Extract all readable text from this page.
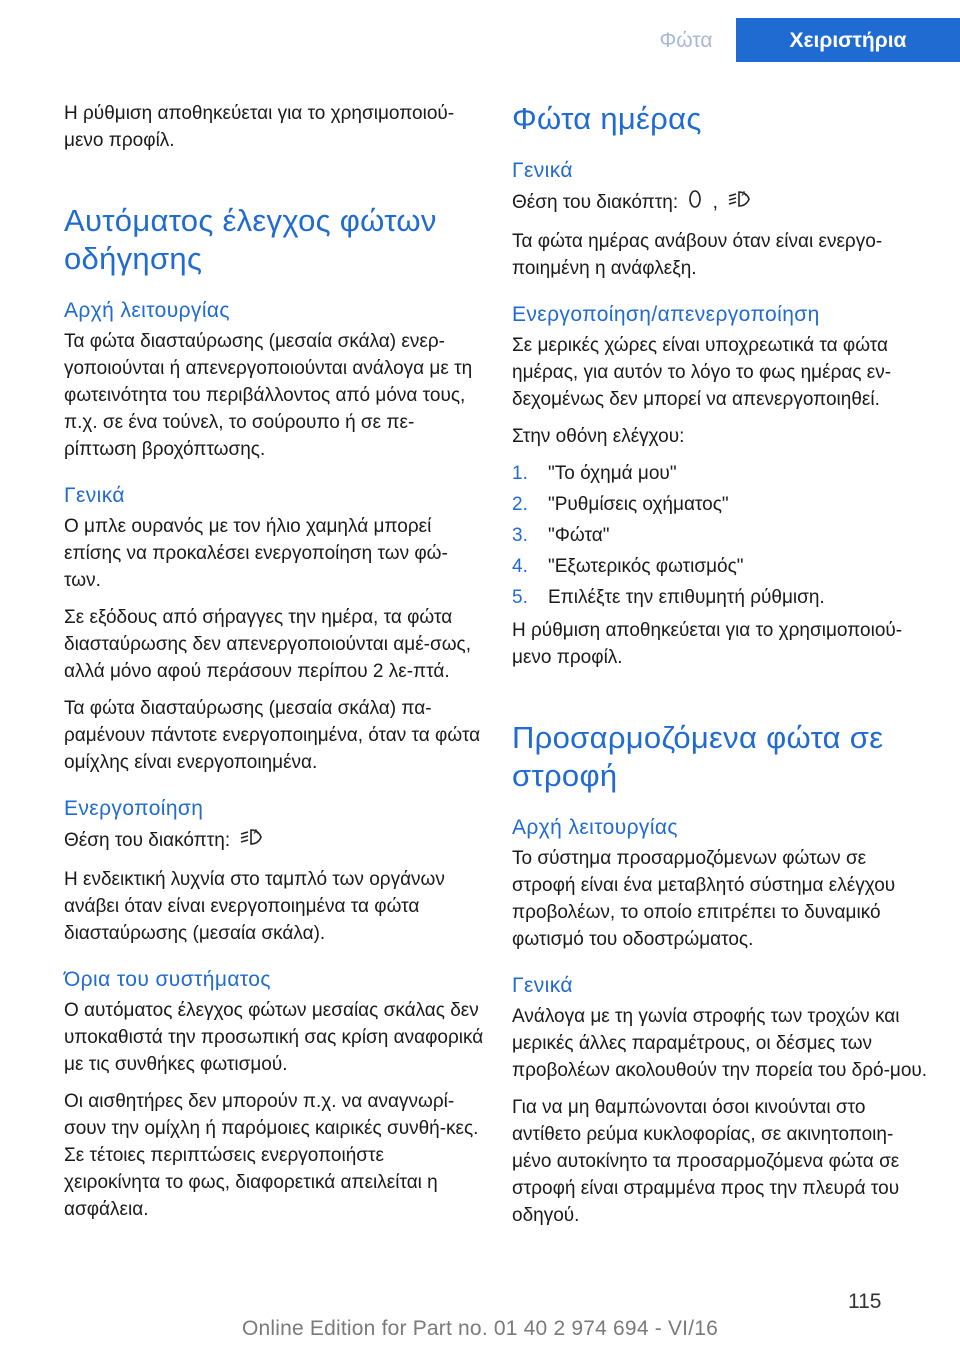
Φώτα	Χειριστήρια

Η ρύθμιση αποθηκεύεται για το χρησιμοποιού-μενο προφίλ.

Αυτόματος έλεγχος φώτων οδήγησης
Αρχή λειτουργίας

Τα φώτα διασταύρωσης (μεσαία σκάλα) ενερ-γοποιούνται ή απενεργοποιούνται ανάλογα με τη φωτεινότητα του περιβάλλοντος από μόνα τους, π.χ. σε ένα τούνελ, το σούρουπο ή σε πε-ρίπτωση βροχόπτωσης.

Γενικά

Ο μπλε ουρανός με τον ήλιο χαμηλά μπορεί επίσης να προκαλέσει ενεργοποίηση των φώ-των.

Σε εξόδους από σήραγγες την ημέρα, τα φώτα διασταύρωσης δεν απενεργοποιούνται αμέ-σως, αλλά μόνο αφού περάσουν περίπου 2 λε-πτά.

Τα φώτα διασταύρωσης (μεσαία σκάλα) πα-ραμένουν πάντοτε ενεργοποιημένα, όταν τα φώτα ομίχλης είναι ενεργοποιημένα.

Ενεργοποίηση

Θέση του διακόπτη:	A

Η ενδεικτική λυχνία στο ταμπλό των οργάνων ανάβει όταν είναι ενεργοποιημένα τα φώτα διασταύρωσης (μεσαία σκάλα).

Όρια του συστήματος

Ο αυτόματος έλεγχος φώτων μεσαίας σκάλας δεν υποκαθιστά την προσωπική σας κρίση αναφορικά με τις συνθήκες φωτισμού.

Οι αισθητήρες δεν μπορούν π.χ. να αναγνωρί-σουν την ομίχλη ή παρόμοιες καιρικές συνθή-κες. Σε τέτοιες περιπτώσεις ενεργοποιήστε χειροκίνητα το φως, διαφορετικά απειλείται η ασφάλεια.

Φώτα ημέρας
Γενικά

Θέση του διακόπτη: ,	A

Τα φώτα ημέρας ανάβουν όταν είναι ενεργο-ποιημένη η ανάφλεξη.

Ενεργοποίηση/απενεργοποίηση

Σε μερικές χώρες είναι υποχρεωτικά τα φώτα ημέρας, για αυτόν το λόγο το φως ημέρας εν-δεχομένως δεν μπορεί να απενεργοποιηθεί.

Στην οθόνη ελέγχου:

1. "Το όχημά μου"
2. "Ρυθμίσεις οχήματος"
3. "Φώτα"
4. "Εξωτερικός φωτισμός"
5. Επιλέξτε την επιθυμητή ρύθμιση.

Η ρύθμιση αποθηκεύεται για το χρησιμοποιού-μενο προφίλ.

Προσαρμοζόμενα φώτα σε στροφή
Αρχή λειτουργίας

Το σύστημα προσαρμοζόμενων φώτων σε στροφή είναι ένα μεταβλητό σύστημα ελέγχου προβολέων, το οποίο επιτρέπει το δυναμικό φωτισμό του οδοστρώματος.

Γενικά

Ανάλογα με τη γωνία στροφής των τροχών και μερικές άλλες παραμέτρους, οι δέσμες των προβολέων ακολουθούν την πορεία του δρό-μου.

Για να μη θαμπώνονται όσοι κινούνται στο αντίθετο ρεύμα κυκλοφορίας, σε ακινητοποιη-μένο αυτοκίνητο τα προσαρμοζόμενα φώτα σε στροφή είναι στραμμένα προς την πλευρά του οδηγού.

115
Online Edition for Part no. 01 40 2 974 694 - VI/16
